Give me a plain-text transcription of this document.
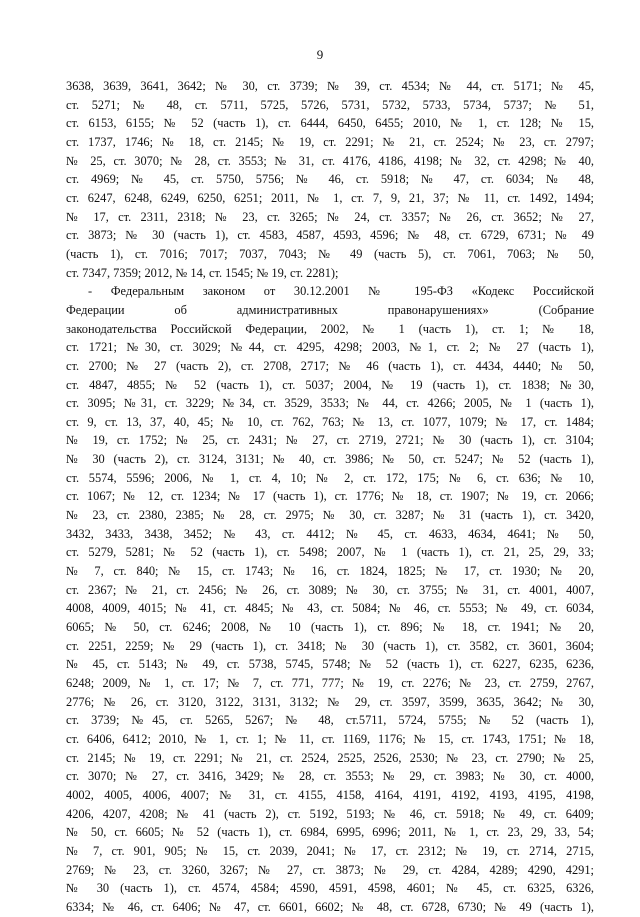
9
3638, 3639, 3641, 3642; № 30, ст. 3739; № 39, ст. 4534; № 44, ст. 5171; № 45,
ст. 5271; № 48, ст. 5711, 5725, 5726, 5731, 5732, 5733, 5734, 5737; № 51,
ст. 6153, 6155; № 52 (часть 1), ст. 6444, 6450, 6455; 2010, № 1, ст. 128; № 15,
ст. 1737, 1746; № 18, ст. 2145; № 19, ст. 2291; № 21, ст. 2524; № 23, ст. 2797;
№ 25, ст. 3070; № 28, ст. 3553; № 31, ст. 4176, 4186, 4198; № 32, ст. 4298; № 40,
ст. 4969; № 45, ст. 5750, 5756; № 46, ст. 5918; № 47, ст. 6034; № 48,
ст. 6247, 6248, 6249, 6250, 6251; 2011, № 1, ст. 7, 9, 21, 37; № 11, ст. 1492, 1494;
№ 17, ст. 2311, 2318; № 23, ст. 3265; № 24, ст. 3357; № 26, ст. 3652; № 27,
ст. 3873; № 30 (часть 1), ст. 4583, 4587, 4593, 4596; № 48, ст. 6729, 6731; № 49
(часть 1), ст. 7016; 7017; 7037, 7043; № 49 (часть 5), ст. 7061, 7063; № 50,
ст. 7347, 7359; 2012, № 14, ст. 1545; № 19, ст. 2281);
- Федеральным законом от 30.12.2001 № 195-ФЗ «Кодекс Российской
Федерации об административных правонарушениях» (Собрание
законодательства Российской Федерации, 2002, № 1 (часть 1), ст. 1; № 18,
ст. 1721; №30, ст. 3029; №44, ст. 4295, 4298; 2003, №1, ст. 2; № 27 (часть 1),
ст. 2700; № 27 (часть 2), ст. 2708, 2717; № 46 (часть 1), ст. 4434, 4440; № 50,
ст. 4847, 4855; № 52 (часть 1), ст. 5037; 2004, № 19 (часть 1), ст. 1838; №30,
ст. 3095; №31, ст. 3229; №34, ст. 3529, 3533; № 44, ст. 4266; 2005, № 1 (часть 1),
ст. 9, ст. 13, 37, 40, 45; № 10, ст. 762, 763; № 13, ст. 1077, 1079; № 17, ст. 1484;
№ 19, ст. 1752; № 25, ст. 2431; № 27, ст. 2719, 2721; № 30 (часть 1), ст. 3104;
№ 30 (часть 2), ст. 3124, 3131; № 40, ст. 3986; № 50, ст. 5247; № 52 (часть 1),
ст. 5574, 5596; 2006, № 1, ст. 4, 10; № 2, ст. 172, 175; № 6, ст. 636; № 10,
ст. 1067; № 12, ст. 1234; № 17 (часть 1), ст. 1776; № 18, ст. 1907; № 19, ст. 2066;
№ 23, ст. 2380, 2385; № 28, ст. 2975; № 30, ст. 3287; № 31 (часть 1), ст. 3420,
3432, 3433, 3438, 3452; № 43, ст. 4412; № 45, ст. 4633, 4634, 4641; № 50,
ст. 5279, 5281; № 52 (часть 1), ст. 5498; 2007, № 1 (часть 1), ст. 21, 25, 29, 33;
№ 7, ст. 840; № 15, ст. 1743; № 16, ст. 1824, 1825; № 17, ст. 1930; № 20,
ст. 2367; № 21, ст. 2456; № 26, ст. 3089; № 30, ст. 3755; № 31, ст. 4001, 4007,
4008, 4009, 4015; № 41, ст. 4845; № 43, ст. 5084; № 46, ст. 5553; № 49, ст. 6034,
6065; № 50, ст. 6246; 2008, № 10 (часть 1), ст. 896; № 18, ст. 1941; № 20,
ст. 2251, 2259; № 29 (часть 1), ст. 3418; № 30 (часть 1), ст. 3582, ст. 3601, 3604;
№ 45, ст. 5143; № 49, ст. 5738, 5745, 5748; № 52 (часть 1), ст. 6227, 6235, 6236,
6248; 2009, № 1, ст. 17; № 7, ст. 771, 777; № 19, ст. 2276; № 23, ст. 2759, 2767,
2776; № 26, ст. 3120, 3122, 3131, 3132; № 29, ст. 3597, 3599, 3635, 3642; № 30,
ст. 3739; №45, ст. 5265, 5267; № 48, ст.5711, 5724, 5755; № 52 (часть 1),
ст. 6406, 6412; 2010, № 1, ст. 1; № 11, ст. 1169, 1176; № 15, ст. 1743, 1751; № 18,
ст. 2145; № 19, ст. 2291; № 21, ст. 2524, 2525, 2526, 2530; № 23, ст. 2790; № 25,
ст. 3070; № 27, ст. 3416, 3429; № 28, ст. 3553; № 29, ст. 3983; № 30, ст. 4000,
4002, 4005, 4006, 4007; № 31, ст. 4155, 4158, 4164, 4191, 4192, 4193, 4195, 4198,
4206, 4207, 4208; № 41 (часть 2), ст. 5192, 5193; № 46, ст. 5918; № 49, ст. 6409;
№ 50, ст. 6605; № 52 (часть 1), ст. 6984, 6995, 6996; 2011, № 1, ст. 23, 29, 33, 54;
№ 7, ст. 901, 905; № 15, ст. 2039, 2041; № 17, ст. 2312; № 19, ст. 2714, 2715,
2769; № 23, ст. 3260, 3267; № 27, ст. 3873; № 29, ст. 4284, 4289; 4290, 4291;
№ 30 (часть 1), ст. 4574, 4584; 4590, 4591, 4598, 4601; № 45, ст. 6325, 6326,
6334; № 46, ст. 6406; № 47, ст. 6601, 6602; № 48, ст. 6728, 6730; № 49 (часть 1),
